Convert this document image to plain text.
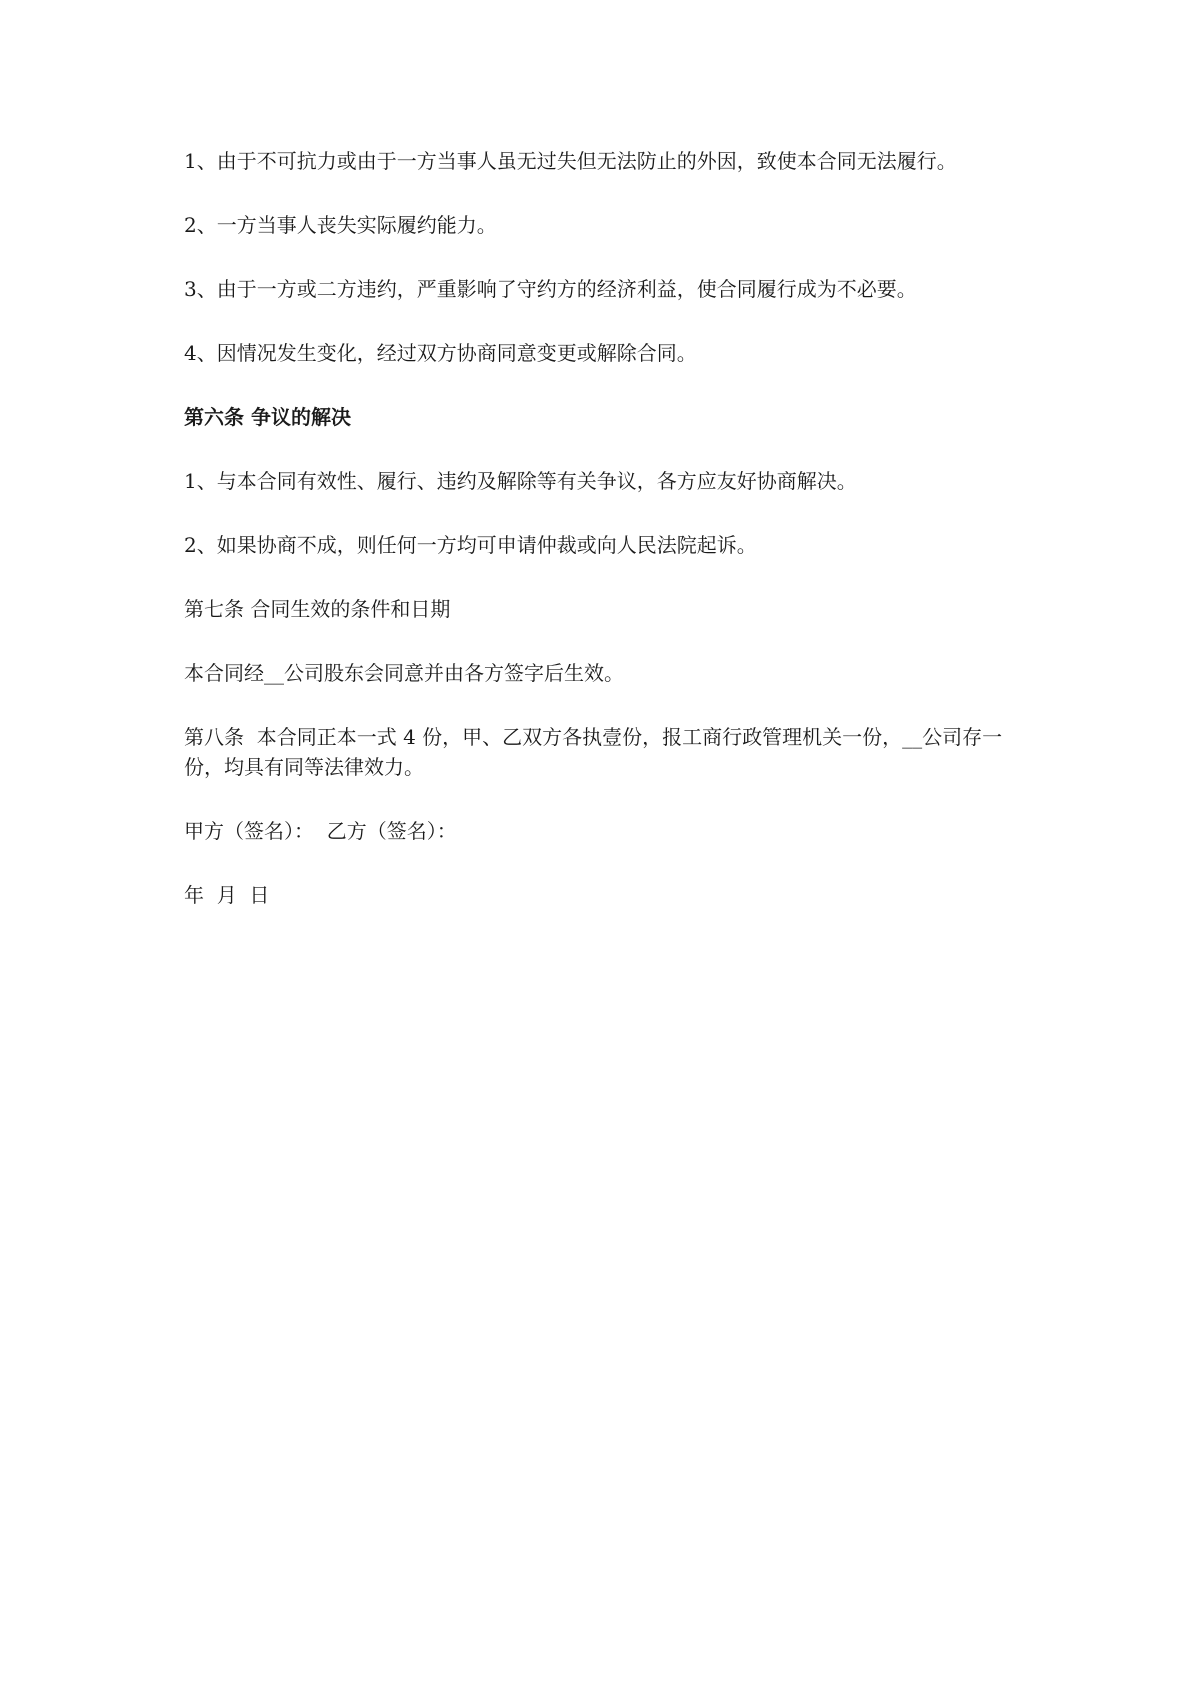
1、由于不可抗力或由于一方当事人虽无过失但无法防止的外因，致使本合同无法履行。

2、一方当事人丧失实际履约能力。

3、由于一方或二方违约，严重影响了守约方的经济利益，使合同履行成为不必要。

4、因情况发生变化，经过双方协商同意变更或解除合同。

第六条 争议的解决

1、与本合同有效性、履行、违约及解除等有关争议，各方应友好协商解决。

2、如果协商不成，则任何一方均可申请仲裁或向人民法院起诉。

第七条 合同生效的条件和日期

本合同经__公司股东会同意并由各方签字后生效。

第八条  本合同正本一式 4 份，甲、乙双方各执壹份，报工商行政管理机关一份，__公司存一份，均具有同等法律效力。

甲方（签名）：  乙方（签名）：

年  月  日
